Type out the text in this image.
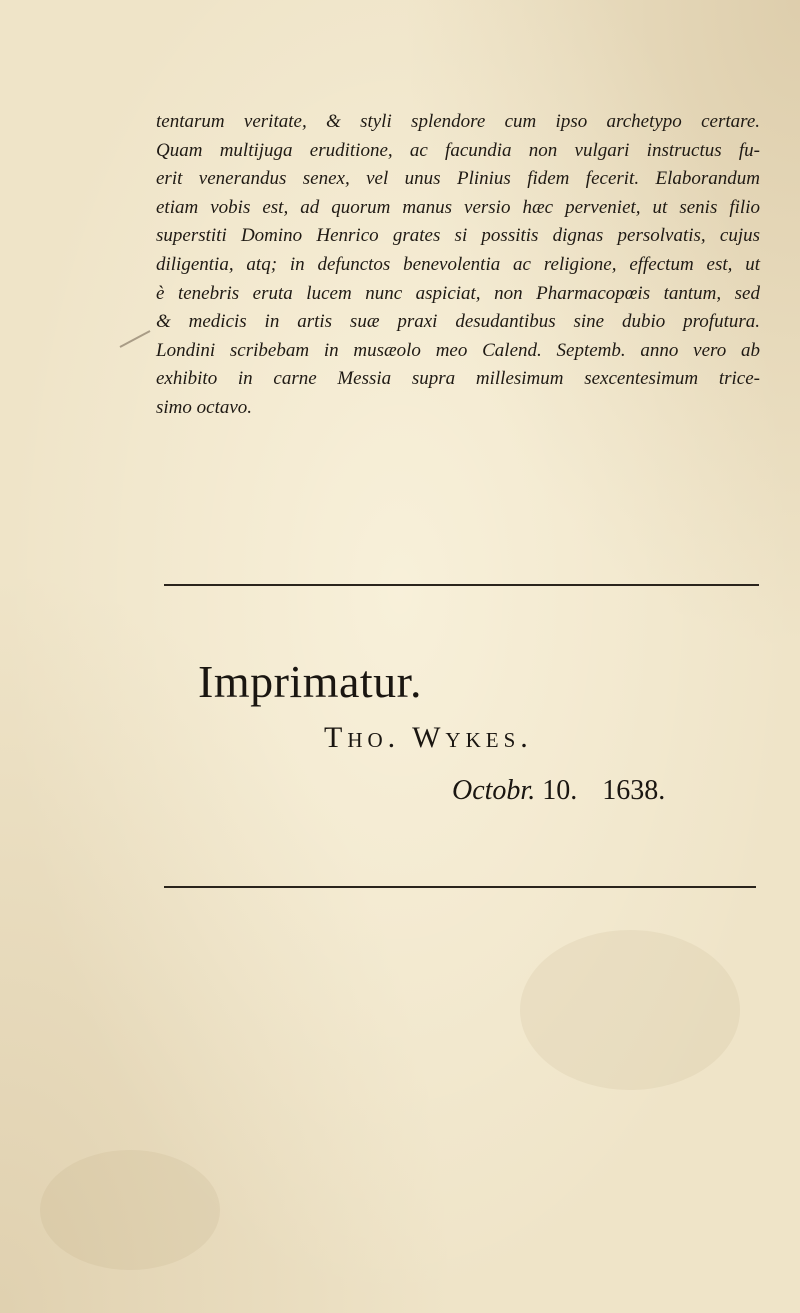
tentarum veritate, & styli splendore cum ipso archetypo certare.
Quam multijuga eruditione, ac facundia non vulgari instructus fu-
erit venerandus senex, vel unus Plinius fidem fecerit. Elaborandum
etiam vobis est, ad quorum manus versio hæc perveniet, ut senis filio
superstiti Domino Henrico grates si possitis dignas persolvatis, cujus
diligentia, atq; in defunctos benevolentia ac religione, effectum est, ut
è tenebris eruta lucem nunc aspiciat, non Pharmacopœis tantum, sed
& medicis in artis suæ praxi desudantibus sine dubio profutura.
Londini scribebam in musæolo meo Calend. Septemb. anno vero ab
exhibito in carne Messia supra millesimum sexcentesimum trice-
simo octavo.
Imprimatur.
Tho. Wykes.
Octobr. 10. 1638.
